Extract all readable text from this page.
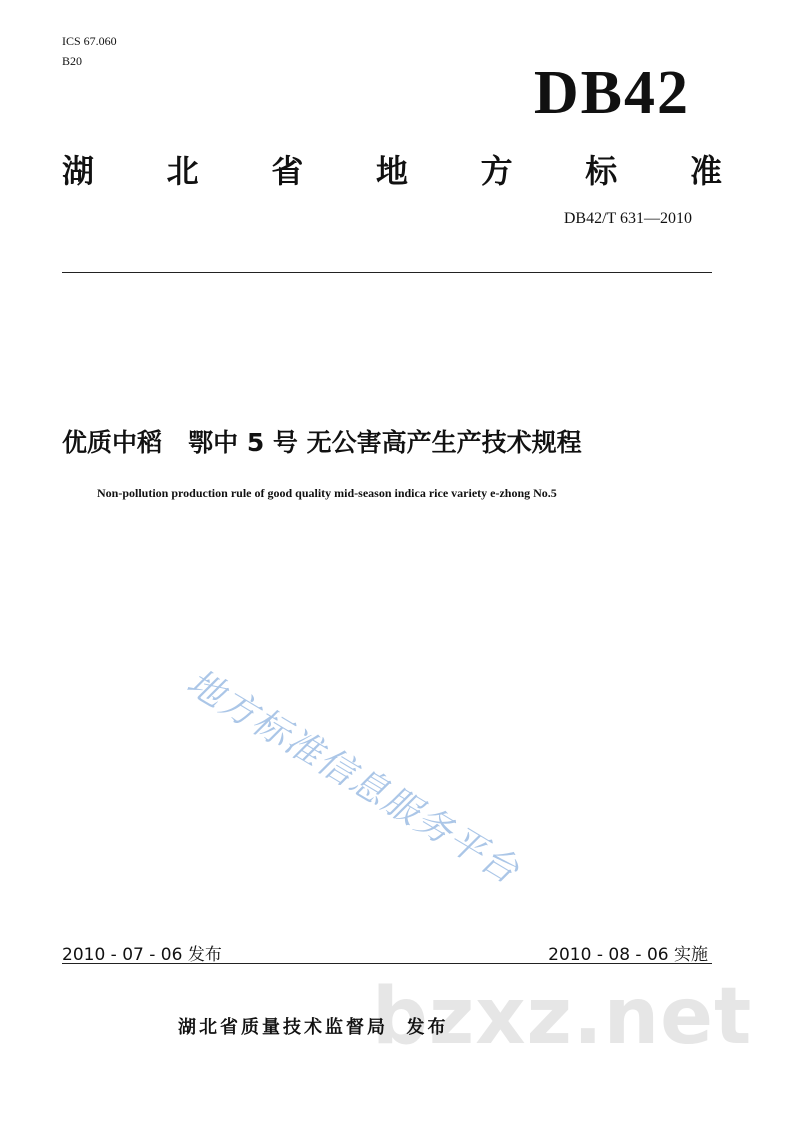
ICS 67.060
B20	DB42
湖 北 省 地 方 标 准
DB42/T 631—2010
优质中稻   鄂中 5 号 无公害高产生产技术规程
Non-pollution production rule of good quality mid-season indica rice variety e-zhong No.5
地方标准信息服务平台
2010 - 07 - 06 发布	2010 - 08 - 06 实施
bzxz.net
湖北省质量技术监督局  发布
